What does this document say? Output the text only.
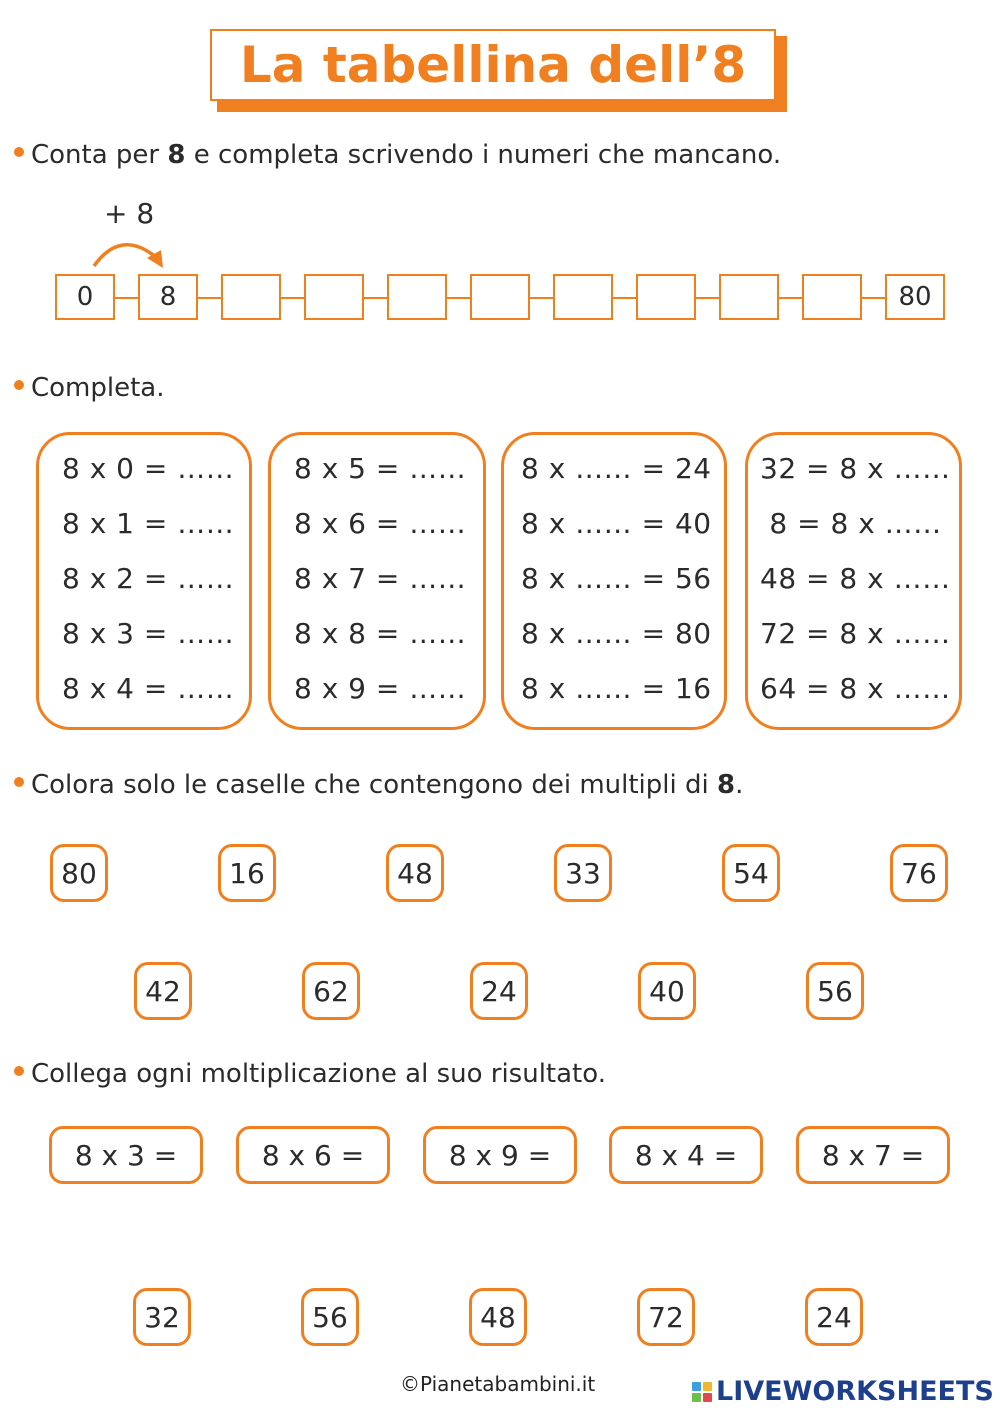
La tabellina dell’8
Conta per 8 e completa scrivendo i numeri che mancano.
+ 8
0	8	80
Completa.
8 x 0 = ……
8 x 1 = ……
8 x 2 = ……
8 x 3 = ……
8 x 4 = ……
8 x 5 = ……
8 x 6 = ……
8 x 7 = ……
8 x 8 = ……
8 x 9 = ……
8 x …… = 24
8 x …… = 40
8 x …… = 56
8 x …… = 80
8 x …… = 16
32 = 8 x ……
8 = 8 x ……
48 = 8 x ……
72 = 8 x ……
64 = 8 x ……
Colora solo le caselle che contengono dei multipli di 8.
80	16	48	33	54	76
42	62	24	40	56
Collega ogni moltiplicazione al suo risultato.
8 x 3 =	8 x 6 =	8 x 9 =	8 x 4 =	8 x 7 =
32	56	48	72	24
©Pianetabambini.it	LIVEWORKSHEETS
